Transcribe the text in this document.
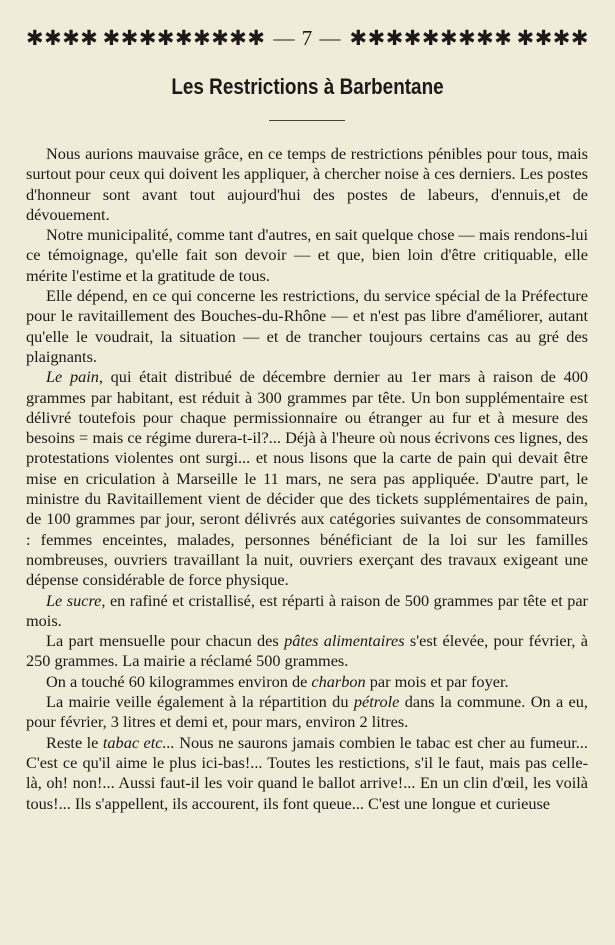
✱✱✱✱ ✱✱✱✱✱✱✱✱✱ — 7 — ✱✱✱✱✱✱✱✱✱ ✱✱✱✱
Les Restrictions à Barbentane

Nous aurions mauvaise grâce, en ce temps de restrictions pénibles pour tous, mais surtout pour ceux qui doivent les appliquer, à chercher noise à ces derniers. Les postes d'honneur sont avant tout aujourd'hui des postes de labeurs, d'ennuis,et de dévouement.

Notre municipalité, comme tant d'autres, en sait quelque chose — mais rendons-lui ce témoignage, qu'elle fait son devoir — et que, bien loin d'être critiquable, elle mérite l'estime et la gratitude de tous.

Elle dépend, en ce qui concerne les restrictions, du service spécial de la Préfecture pour le ravitaillement des Bouches-du-Rhône — et n'est pas libre d'améliorer, autant qu'elle le voudrait, la situation — et de trancher toujours certains cas au gré des plaignants.

Le pain, qui était distribué de décembre dernier au 1er mars à raison de 400 grammes par habitant, est réduit à 300 grammes par tête. Un bon supplémentaire est délivré toutefois pour chaque permissionnaire ou étranger au fur et à mesure des besoins = mais ce régime durera-t-il?... Déjà à l'heure où nous écrivons ces lignes, des protestations violentes ont surgi... et nous lisons que la carte de pain qui devait être mise en criculation à Marseille le 11 mars, ne sera pas appliquée. D'autre part, le ministre du Ravitaillement vient de décider que des tickets supplémentaires de pain, de 100 grammes par jour, seront délivrés aux catégories suivantes de consommateurs : femmes enceintes, malades, personnes bénéficiant de la loi sur les familles nombreuses, ouvriers travaillant la nuit, ouvriers exerçant des travaux exigeant une dépense considérable de force physique.

Le sucre, en rafiné et cristallisé, est réparti à raison de 500 grammes par tête et par mois.

La part mensuelle pour chacun des pâtes alimentaires s'est élevée, pour février, à 250 grammes. La mairie a réclamé 500 grammes.

On a touché 60 kilogrammes environ de charbon par mois et par foyer.

La mairie veille également à la répartition du pétrole dans la commune. On a eu, pour février, 3 litres et demi et, pour mars, environ 2 litres.

Reste le tabac etc... Nous ne saurons jamais combien le tabac est cher au fumeur... C'est ce qu'il aime le plus ici-bas!... Toutes les restictions, s'il le faut, mais pas celle-là, oh! non!... Aussi faut-il les voir quand le ballot arrive!... En un clin d'œil, les voilà tous!... Ils s'appellent, ils accourent, ils font queue... C'est une longue et curieuse
